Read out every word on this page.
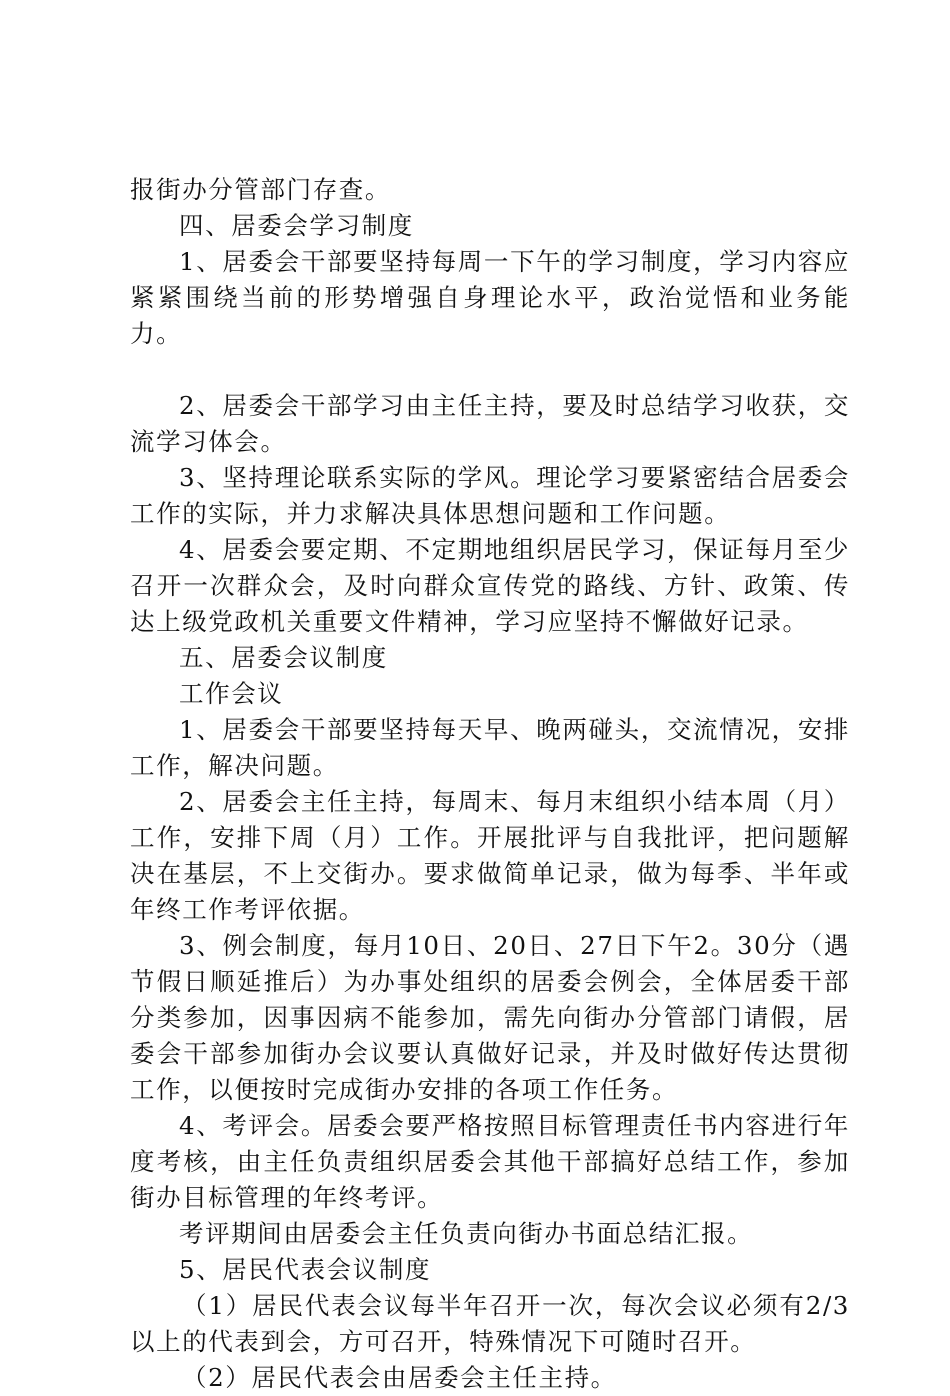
报街办分管部门存查。

四、居委会学习制度

1、居委会干部要坚持每周一下午的学习制度，学习内容应紧紧围绕当前的形势增强自身理论水平，政治觉悟和业务能力。

2、居委会干部学习由主任主持，要及时总结学习收获，交流学习体会。

3、坚持理论联系实际的学风。理论学习要紧密结合居委会工作的实际，并力求解决具体思想问题和工作问题。

4、居委会要定期、不定期地组织居民学习，保证每月至少召开一次群众会，及时向群众宣传党的路线、方针、政策、传达上级党政机关重要文件精神，学习应坚持不懈做好记录。

五、居委会议制度

工作会议

1、居委会干部要坚持每天早、晚两碰头，交流情况，安排工作，解决问题。

2、居委会主任主持，每周末、每月末组织小结本周（月）工作，安排下周（月）工作。开展批评与自我批评，把问题解决在基层，不上交街办。要求做简单记录，做为每季、半年或年终工作考评依据。

3、例会制度，每月10日、20日、27日下午2。30分（遇节假日顺延推后）为办事处组织的居委会例会，全体居委干部分类参加，因事因病不能参加，需先向街办分管部门请假，居委会干部参加街办会议要认真做好记录，并及时做好传达贯彻工作，以便按时完成街办安排的各项工作任务。

4、考评会。居委会要严格按照目标管理责任书内容进行年度考核，由主任负责组织居委会其他干部搞好总结工作，参加街办目标管理的年终考评。

考评期间由居委会主任负责向街办书面总结汇报。

5、居民代表会议制度

（1）居民代表会议每半年召开一次，每次会议必须有2/3以上的代表到会，方可召开，特殊情况下可随时召开。

（2）居民代表会由居委会主任主持。
